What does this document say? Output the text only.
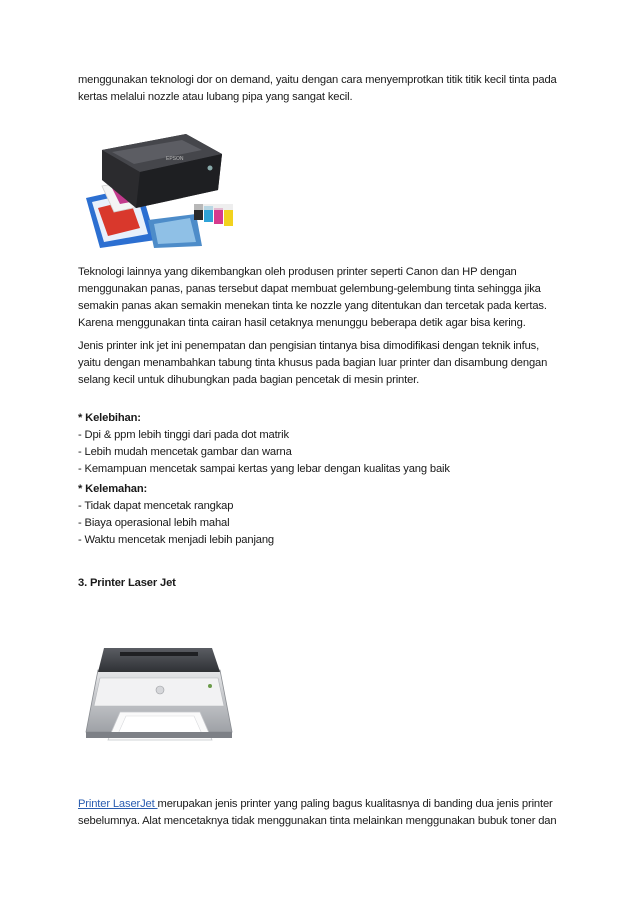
menggunakan teknologi dor on demand, yaitu dengan cara menyemprotkan titik titik kecil tinta pada
kertas melalui nozzle atau lubang pipa yang sangat kecil.
EPSON
Teknologi lainnya yang dikembangkan oleh produsen printer seperti Canon dan HP dengan
menggunakan panas, panas tersebut dapat membuat gelembung-gelembung tinta sehingga jika
semakin panas akan semakin menekan tinta ke nozzle yang ditentukan dan tercetak pada kertas.
Karena menggunakan tinta cairan hasil cetaknya menunggu beberapa detik agar bisa kering.
Jenis printer ink jet ini penempatan dan pengisian tintanya bisa dimodifikasi dengan teknik infus,
yaitu dengan menambahkan tabung tinta khusus pada bagian luar printer dan disambung dengan
selang kecil untuk dihubungkan pada bagian pencetak di mesin printer.
* Kelebihan:
- Dpi & ppm lebih tinggi dari pada dot matrik
- Lebih mudah mencetak gambar dan warna
- Kemampuan mencetak sampai kertas yang lebar dengan kualitas yang baik
* Kelemahan:
- Tidak dapat mencetak rangkap
- Biaya operasional lebih mahal
- Waktu mencetak menjadi lebih panjang
3. Printer Laser Jet
Printer LaserJet merupakan jenis printer yang paling bagus kualitasnya di banding dua jenis printer
sebelumnya. Alat mencetaknya tidak menggunakan tinta melainkan menggunakan bubuk toner dan
